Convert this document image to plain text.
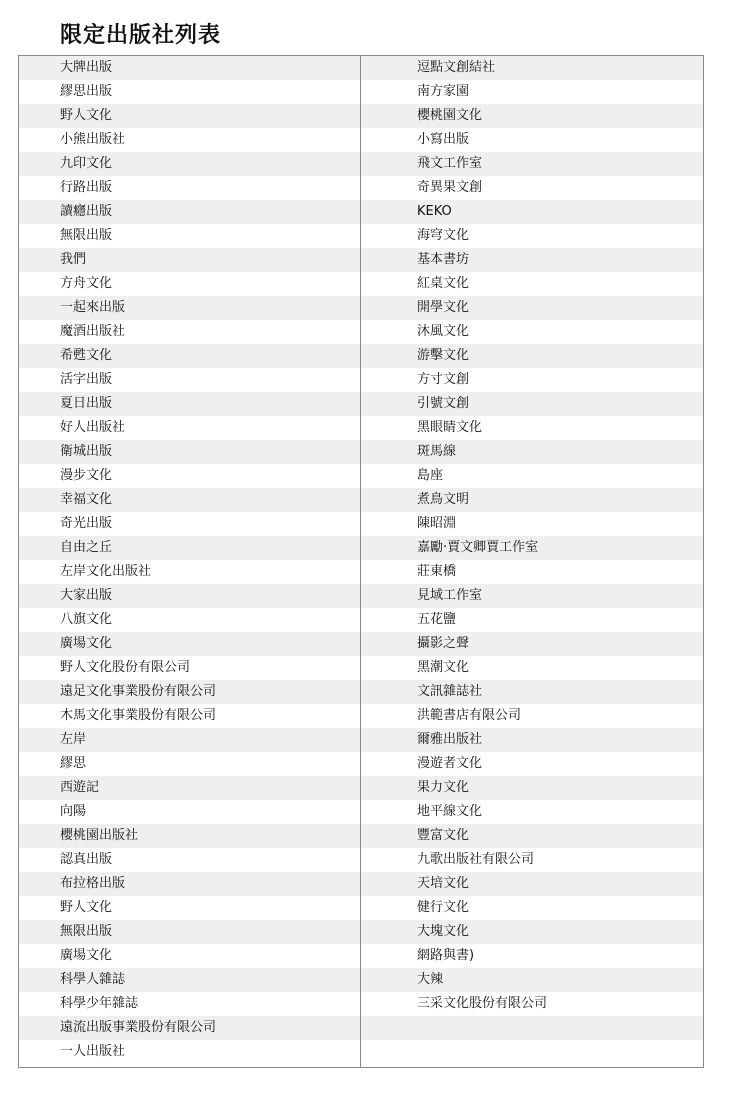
限定出版社列表
大牌出版
繆思出版
野人文化
小熊出版社
九印文化
行路出版
讀癮出版
無限出版
我們
方舟文化
一起來出版
魔酒出版社
希甦文化
活字出版
夏日出版
好人出版社
衛城出版
漫步文化
幸福文化
奇光出版
自由之丘
左岸文化出版社
大家出版
八旗文化
廣場文化
野人文化股份有限公司
遠足文化事業股份有限公司
木馬文化事業股份有限公司
左岸
繆思
西遊記
向陽
櫻桃園出版社
認真出版
布拉格出版
野人文化
無限出版
廣場文化
科學人雜誌
科學少年雜誌
遠流出版事業股份有限公司
一人出版社
逗點文創結社
南方家園
櫻桃園文化
小寫出版
飛文工作室
奇異果文創
KEKO
海穹文化
基本書坊
紅桌文化
開學文化
沐風文化
游擊文化
方寸文創
引號文創
黑眼睛文化
斑馬線
島座
煮鳥文明
陳昭淵
嘉勵‧賈文卿賈工作室
莊東橋
見域工作室
五花鹽
攝影之聲
黑潮文化
文訊雜誌社
洪範書店有限公司
爾雅出版社
漫遊者文化
果力文化
地平線文化
豐富文化
九歌出版社有限公司
天培文化
健行文化
大塊文化
網路與書)
大辣
三采文化股份有限公司
